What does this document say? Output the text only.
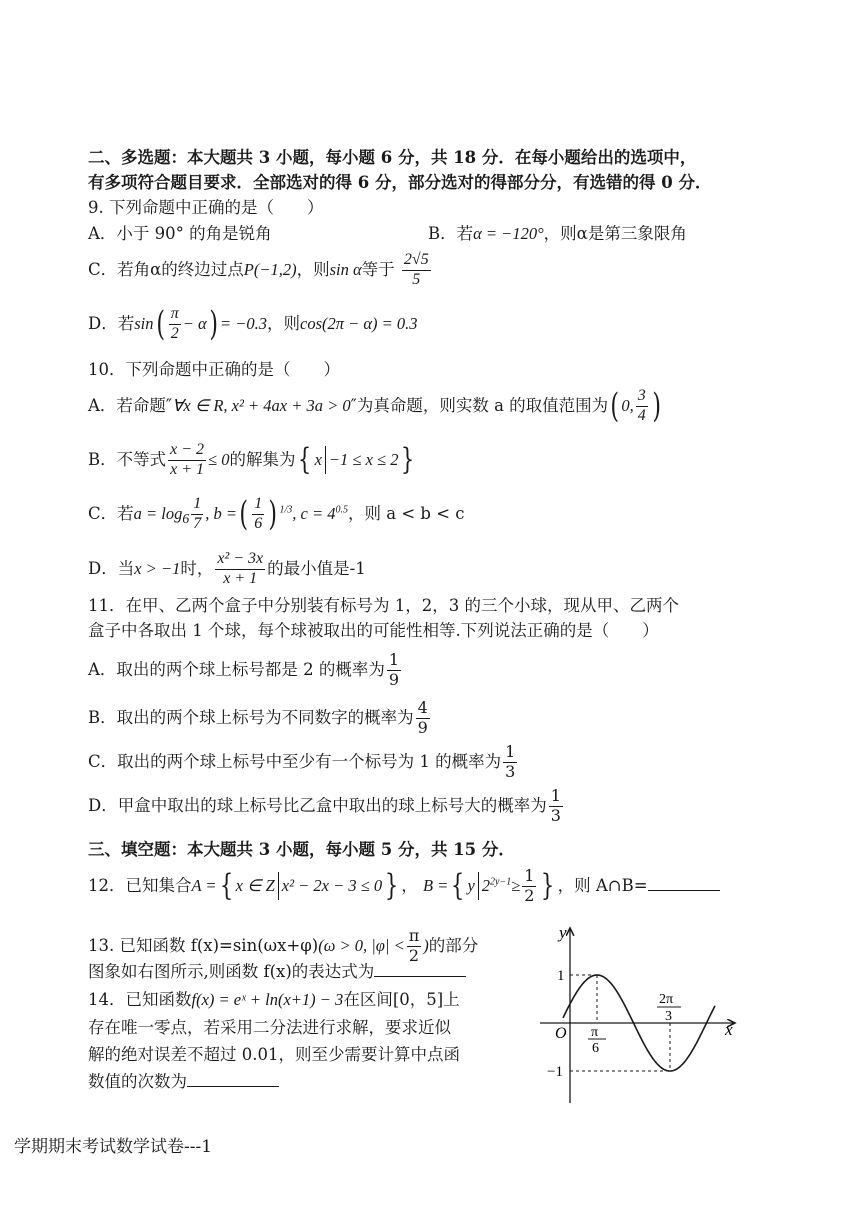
二、多选题：本大题共 3 小题，每小题 6 分，共 18 分．在每小题给出的选项中，
有多项符合题目要求．全部选对的得 6 分，部分选对的得部分分，有选错的得 0 分．
9. 下列命题中正确的是（　　）
A．小于 90° 的角是锐角	B．若α = −120°，则α是第三象限角
C．若角α的终边过点P(−1,2)，则sin α等于 $\frac{2√5}{5}$
D．若$\sin( \frac{\pi}{2} - \alpha) = -0.3$，则cos(2π − α) = 0.3
10．下列命题中正确的是（　　）
A．若命题″∀x ∈ R, x² + 4ax + 3a > 0″为真命题，则实数 a 的取值范围为( 0, $\frac{3}{4}$ )
B．不等式 $\frac{x - 2}{x + 1} \le 0$的解集为{ x −1 ≤ x ≤ 2}
C．若$a = \log_6 \frac{1}{7}$ , b =( $\frac{1}{6}$ ) $^{1/3}$, $c = 4^{0.5}$，则 a < b < c
D．当x > −1时， $\frac{\text{x² − 3x}}{x + 1}$ 的最小值是-1
11．在甲、乙两个盒子中分别装有标号为 1，2，3 的三个小球，现从甲、乙两个
盒子中各取出 1 个球，每个球被取出的可能性相等.下列说法正确的是（　　）
A．取出的两个球上标号都是 2 的概率为 $\frac{1}{9}$
B．取出的两个球上标号为不同数字的概率为 $\frac{4}{9}$
C．取出的两个球上标号中至少有一个标号为 1 的概率为 $\frac{1}{3}$
D．甲盒中取出的球上标号比乙盒中取出的球上标号大的概率为 $\frac{1}{3}$
三、填空题：本大题共 3 小题，每小题 5 分，共 15 分．
12．已知集合A ={ x ∈ Z x² − 2x − 3 ≤ 0} ， B ={ y $2^{2y-1}\ge \frac{1}{2}$ } ，则 A∩B=
13. 已知函数 f(x)=sin(ωx+φ)(ω > 0, $|\varphi| < \frac{\pi}{2}$ )的部分
图象如右图所示,则函数 f(x)的表达式为
14．已知函数f(x) = eˣ + ln(x+1) − 3在区间[0，5]上
存在唯一零点，若采用二分法进行求解，要求近似
解的绝对误差不超过 0.01，则至少需要计算中点函
数值的次数为
y
x
O
1
−1
π
6
2π
3
学期期末考试数学试卷---1
